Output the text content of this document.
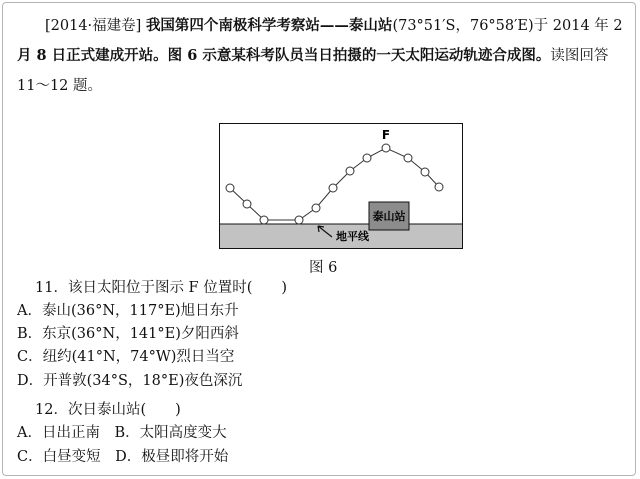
[2014·福建卷] 我国第四个南极科学考察站——泰山站(73°51′S，76°58′E)于 2014 年 2
月 8 日正式建成开站。图 6 示意某科考队员当日拍摄的一天太阳运动轨迹合成图。读图回答
11～12 题。
泰山站
F
地平线
图 6
11．该日太阳位于图示 F 位置时(　　)
A．泰山(36°N，117°E)旭日东升
B．东京(36°N，141°E)夕阳西斜
C．纽约(41°N，74°W)烈日当空
D．开普敦(34°S，18°E)夜色深沉
12．次日泰山站(　　)
A．日出正南　B．太阳高度变大
C．白昼变短　D．极昼即将开始
